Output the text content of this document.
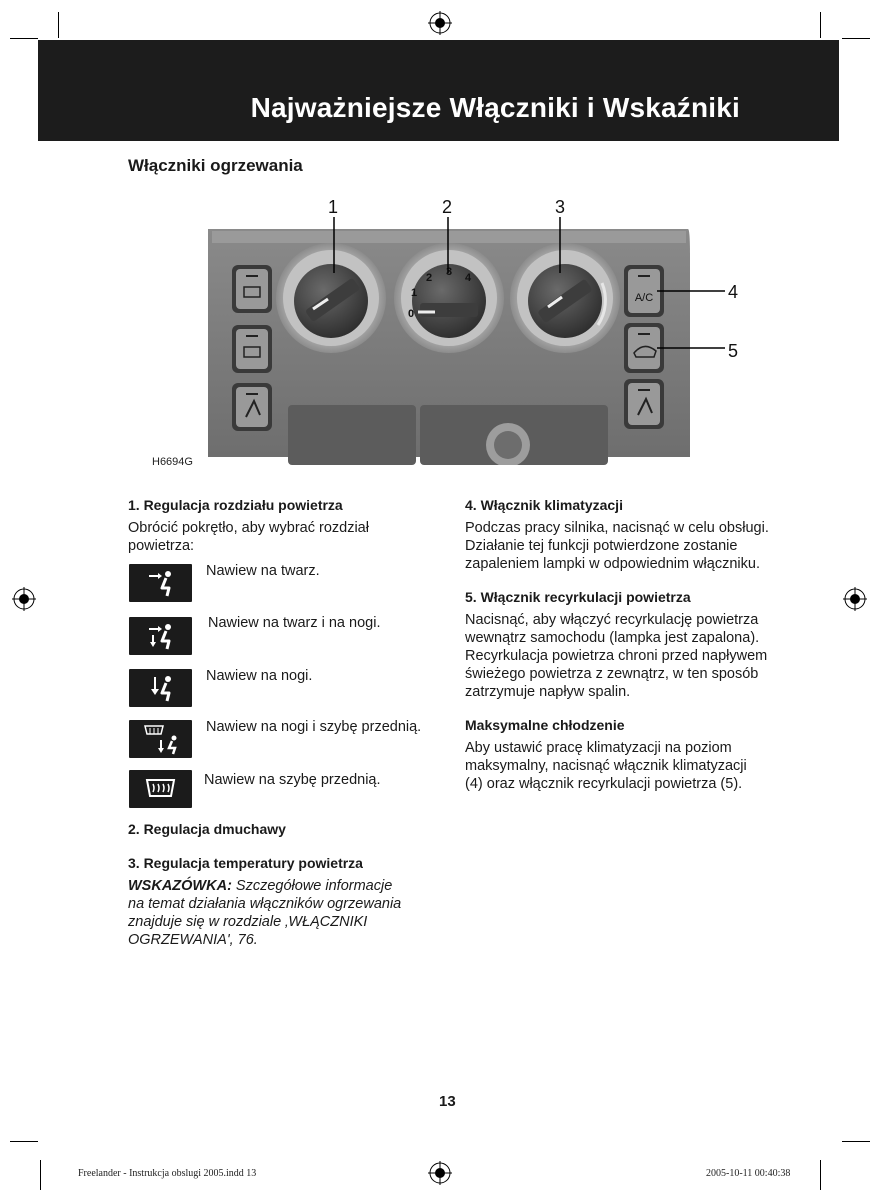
Najważniejsze Włączniki i Wskaźniki
Włączniki ogrzewania
A/C
0
1
2 3 4
1	2	3
4
5
H6694G

1. Regulacja rozdziału powietrza

Obrócić pokrętło, aby wybrać rozdział

powietrza:

Nawiew na twarz.
Nawiew na twarz i na nogi.
Nawiew na nogi.
Nawiew na nogi i szybę przednią.
Nawiew na szybę przednią.

2. Regulacja dmuchawy

3. Regulacja temperatury powietrza

WSKAZÓWKA: Szczegółowe informacje

na temat działania włączników ogrzewania

znajduje się w rozdziale ‚WŁĄCZNIKI

OGRZEWANIA', 76.

4. Włącznik klimatyzacji

Podczas pracy silnika, nacisnąć w celu obsługi.

Działanie tej funkcji potwierdzone zostanie

zapaleniem lampki w odpowiednim włączniku.

5. Włącznik recyrkulacji powietrza

Nacisnąć, aby włączyć recyrkulację powietrza

wewnątrz samochodu (lampka jest zapalona).

Recyrkulacja powietrza chroni przed napływem

świeżego powietrza z zewnątrz, w ten sposób

zatrzymuje napływ spalin.

Maksymalne chłodzenie

Aby ustawić pracę klimatyzacji na poziom

maksymalny, nacisnąć włącznik klimatyzacji

(4) oraz włącznik recyrkulacji powietrza (5).

13
Freelander - Instrukcja obslugi 2005.indd 13	2005-10-11 00:40:38
